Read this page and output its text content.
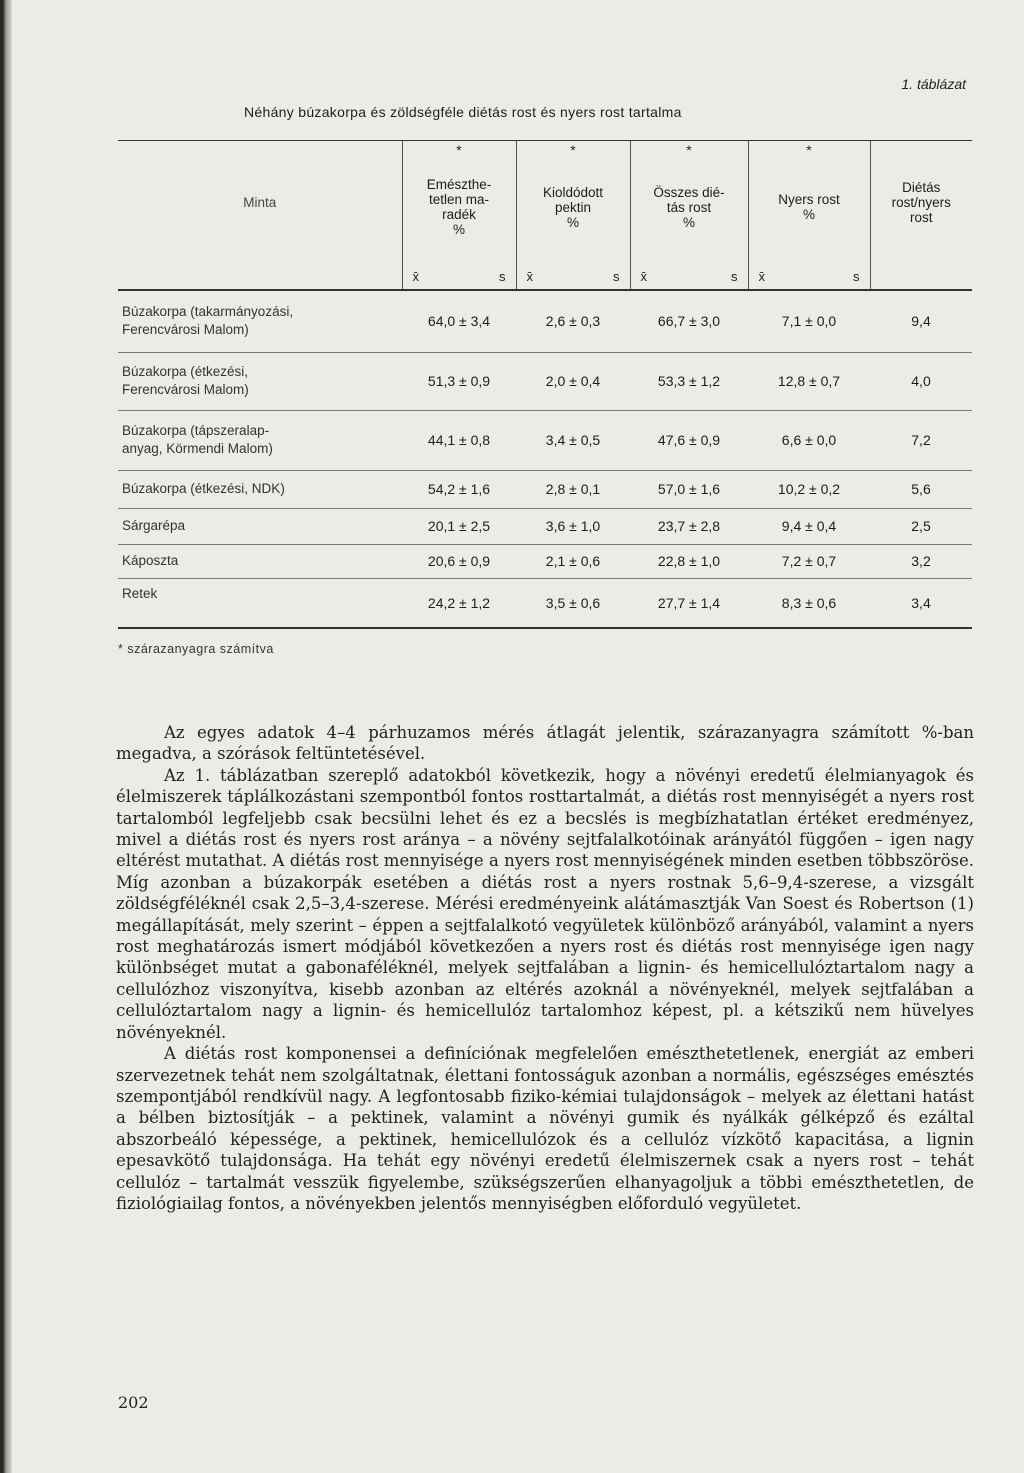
1. táblázat
Néhány búzakorpa és zöldségféle diétás rost és nyers rost tartalma
Minta	*
Emészthe-
tetlen ma-
radék
%	*
Kioldódott
pektin
%	*
Összes dié-
tás rost
%	*
Nyers rost
%	Diétás
rost/nyers
rost

	x̄ s	x̄ s	x̄ s	x̄ s	

Búzakorpa (takarmányozási,
Ferencvárosi Malom)	64,0 ± 3,4	2,6 ± 0,3	66,7 ± 3,0	7,1 ± 0,0	9,4
Búzakorpa (étkezési,
Ferencvárosi Malom)	51,3 ± 0,9	2,0 ± 0,4	53,3 ± 1,2	12,8 ± 0,7	4,0
Búzakorpa (tápszeralap-
anyag, Körmendi Malom)	44,1 ± 0,8	3,4 ± 0,5	47,6 ± 0,9	6,6 ± 0,0	7,2
Búzakorpa (étkezési, NDK)	54,2 ± 1,6	2,8 ± 0,1	57,0 ± 1,6	10,2 ± 0,2	5,6
Sárgarépa	20,1 ± 2,5	3,6 ± 1,0	23,7 ± 2,8	9,4 ± 0,4	2,5
Káposzta	20,6 ± 0,9	2,1 ± 0,6	22,8 ± 1,0	7,2 ± 0,7	3,2
Retek	24,2 ± 1,2	3,5 ± 0,6	27,7 ± 1,4	8,3 ± 0,6	3,4
* szárazanyagra számítva

Az egyes adatok 4–4 párhuzamos mérés átlagát jelentik, szárazanyagra számított %-ban megadva, a szórások feltüntetésével.

Az 1. táblázatban szereplő adatokból következik, hogy a növényi eredetű élelmianyagok és élelmiszerek táplálkozástani szempontból fontos rosttartalmát, a diétás rost mennyiségét a nyers rost tartalomból legfeljebb csak becsülni lehet és ez a becslés is megbízhatatlan értéket eredményez, mivel a diétás rost és nyers rost aránya – a növény sejtfalalkotóinak arányától függően – igen nagy eltérést mutathat. A diétás rost mennyisége a nyers rost mennyiségének minden esetben többszöröse. Míg azonban a búzakorpák esetében a diétás rost a nyers rostnak 5,6–9,4-szerese, a vizsgált zöldségféléknél csak 2,5–3,4-szerese. Mérési eredményeink alátámasztják Van Soest és Robertson (1) megállapítását, mely szerint – éppen a sejtfalalkotó vegyületek különböző arányából, valamint a nyers rost meghatározás ismert módjából következően a nyers rost és diétás rost mennyisége igen nagy különbséget mutat a gabonaféléknél, melyek sejtfalában a lignin- és hemicellulóztartalom nagy a cellulózhoz viszonyítva, kisebb azonban az eltérés azoknál a növényeknél, melyek sejtfalában a cellulóztartalom nagy a lignin- és hemicellulóz tartalomhoz képest, pl. a kétszikű nem hüvelyes növényeknél.

A diétás rost komponensei a definíciónak megfelelően emészthetetlenek, energiát az emberi szervezetnek tehát nem szolgáltatnak, élettani fontosságuk azonban a normális, egészséges emésztés szempontjából rendkívül nagy. A legfontosabb fiziko-kémiai tulajdonságok – melyek az élettani hatást a bélben biztosítják – a pektinek, valamint a növényi gumik és nyálkák gélképző és ezáltal abszorbeáló képessége, a pektinek, hemicellulózok és a cellulóz vízkötő kapacitása, a lignin epesavkötő tulajdonsága. Ha tehát egy növényi eredetű élelmiszernek csak a nyers rost – tehát cellulóz – tartalmát vesszük figyelembe, szükségszerűen elhanyagoljuk a többi emészthetetlen, de fiziológiailag fontos, a növényekben jelentős mennyiségben előforduló vegyületet.

202
